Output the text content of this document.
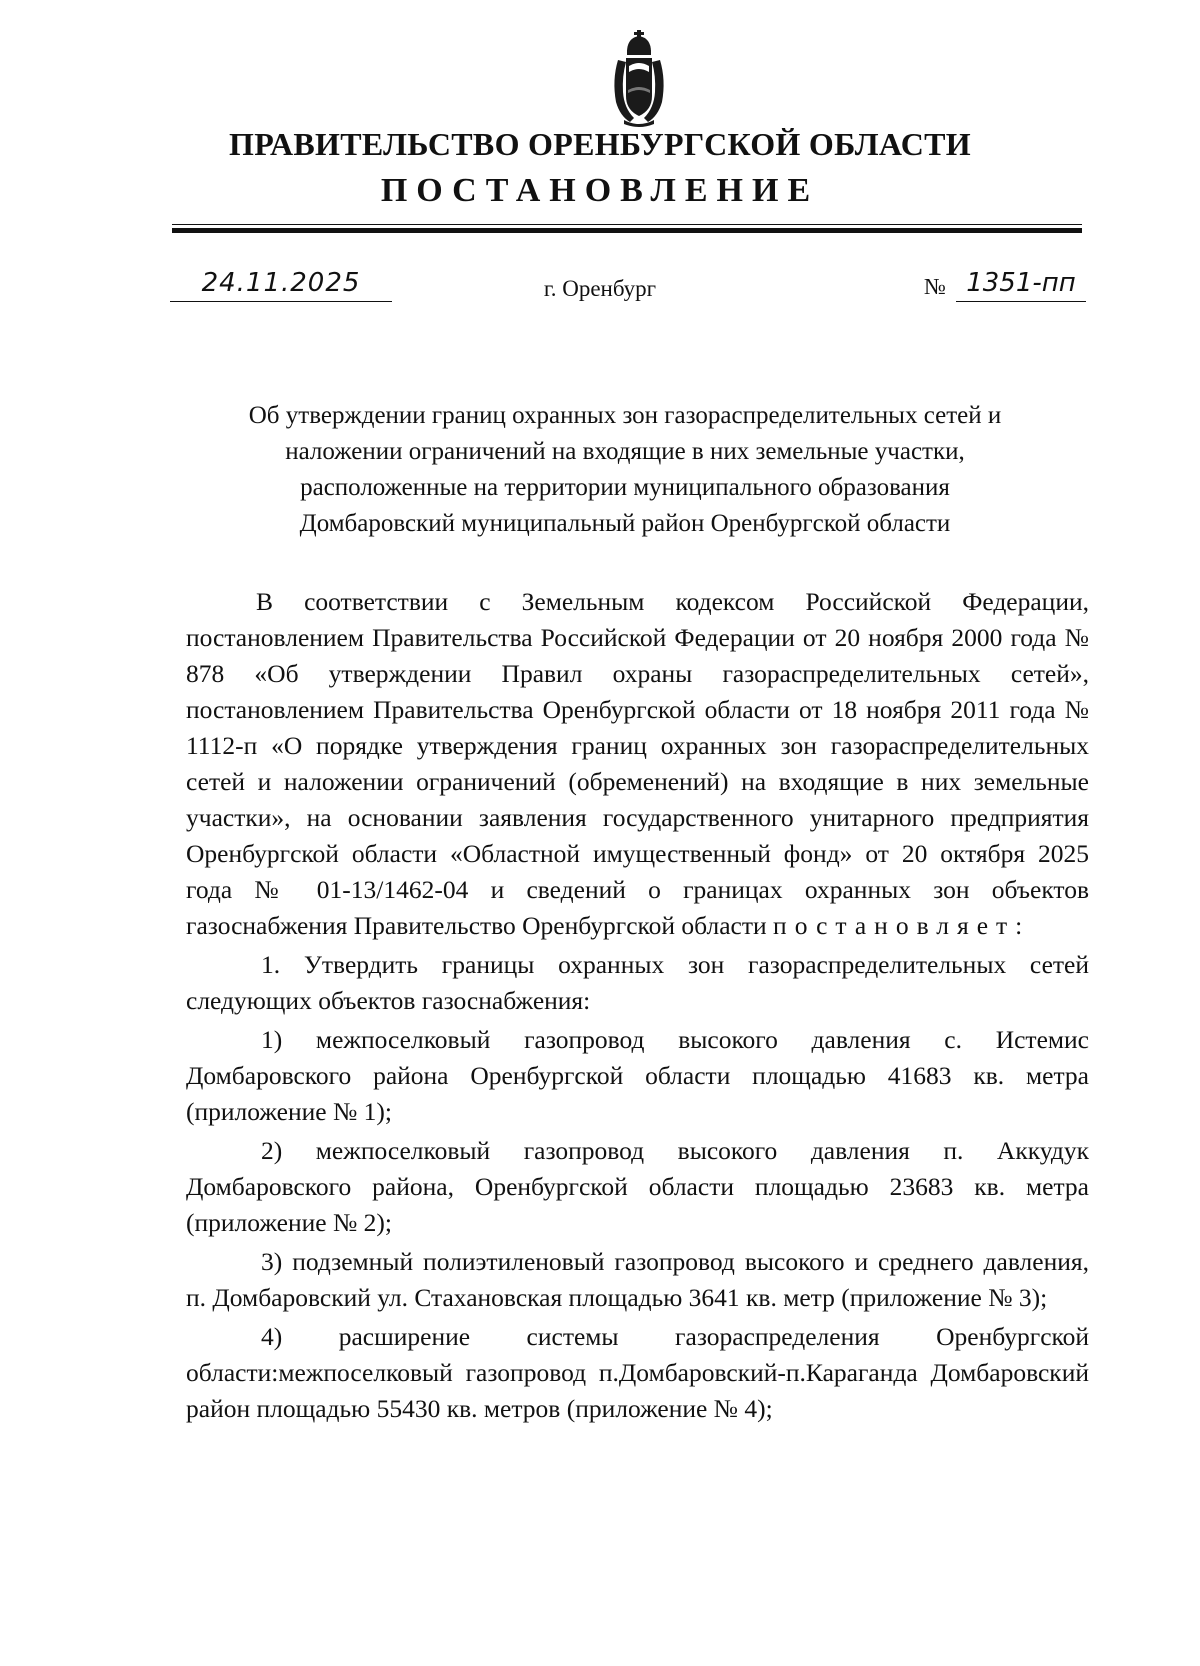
ПРАВИТЕЛЬСТВО ОРЕНБУРГСКОЙ ОБЛАСТИ
ПОСТАНОВЛЕНИЕ
24.11.2025	г. Оренбург	№ 1351-пп
Об утверждении границ охранных зон газораспределительных сетей и
наложении ограничений на входящие в них земельные участки,
расположенные на территории муниципального образования
Домбаровский муниципальный район Оренбургской области

В соответствии с Земельным кодексом Российской Федерации, постановлением Правительства Российской Федерации от 20 ноября 2000 года № 878 «Об утверждении Правил охраны газораспределительных сетей», постановлением Правительства Оренбургской области от 18 ноября 2011 года № 1112-п «О порядке утверждения границ охранных зон газораспределительных сетей и наложении ограничений (обременений) на входящие в них земельные участки», на основании заявления государственного унитарного предприятия Оренбургской области «Областной имущественный фонд» от 20 октября 2025 года № 01-13/1462-04 и сведений о границах охранных зон объектов газоснабжения Правительство Оренбургской области постановляет:

1. Утвердить границы охранных зон газораспределительных сетей следующих объектов газоснабжения:

1) межпоселковый газопровод высокого давления с. Истемис Домбаровского района Оренбургской области площадью 41683 кв. метра (приложение № 1);

2) межпоселковый газопровод высокого давления п. Аккудук Домбаровского района, Оренбургской области площадью 23683 кв. метра (приложение № 2);

3) подземный полиэтиленовый газопровод высокого и среднего давления, п. Домбаровский ул. Стахановская площадью 3641 кв. метр (приложение № 3);

4) расширение системы газораспределения Оренбургской области:межпоселковый газопровод п.Домбаровский-п.Караганда Домбаровский район площадью 55430 кв. метров (приложение № 4);
